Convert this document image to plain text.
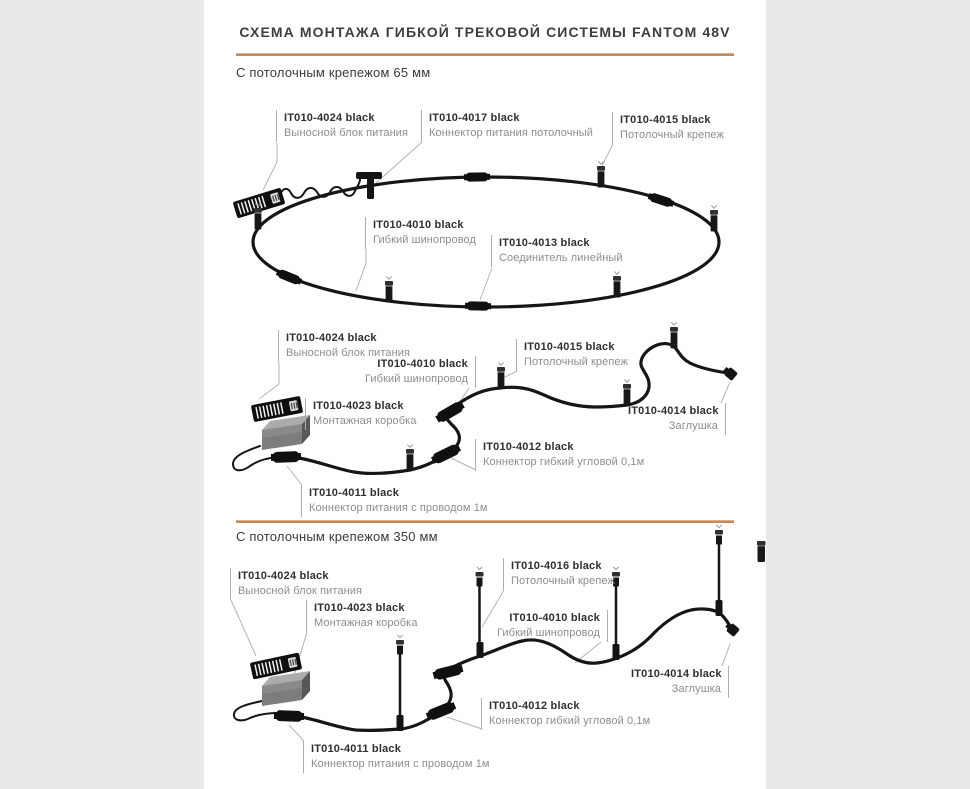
СХЕМА МОНТАЖА ГИБКОЙ ТРЕКОВОЙ СИСТЕМЫ FANTOM 48V
С потолочным крепежом 65 мм
С потолочным крепежом 350 мм
IT010-4024 black
Выносной блок питания
IT010-4017 black
Коннектор питания потолочный
IT010-4015 black
Потолочный крепеж
IT010-4010 black
Гибкий шинопровод IT010-4013 black
Соединитель линейный
IT010-4024 black
Выносной блок питания
IT010-4010 black
Гибкий шинопровод
IT010-4015 black
Потолочный крепеж
IT010-4023 black
Монтажная коробка
IT010-4014 black
Заглушка
IT010-4012 black
Коннектор гибкий угловой 0,1м
IT010-4011 black
Коннектор питания с проводом 1м
IT010-4024 black
Выносной блок питания
IT010-4016 black
Потолочный крепеж
IT010-4023 black
Монтажная коробка	IT010-4010 black
Гибкий шинопровод
IT010-4014 black
Заглушка
IT010-4012 black
Коннектор гибкий угловой 0,1м
IT010-4011 black
Коннектор питания с проводом 1м
